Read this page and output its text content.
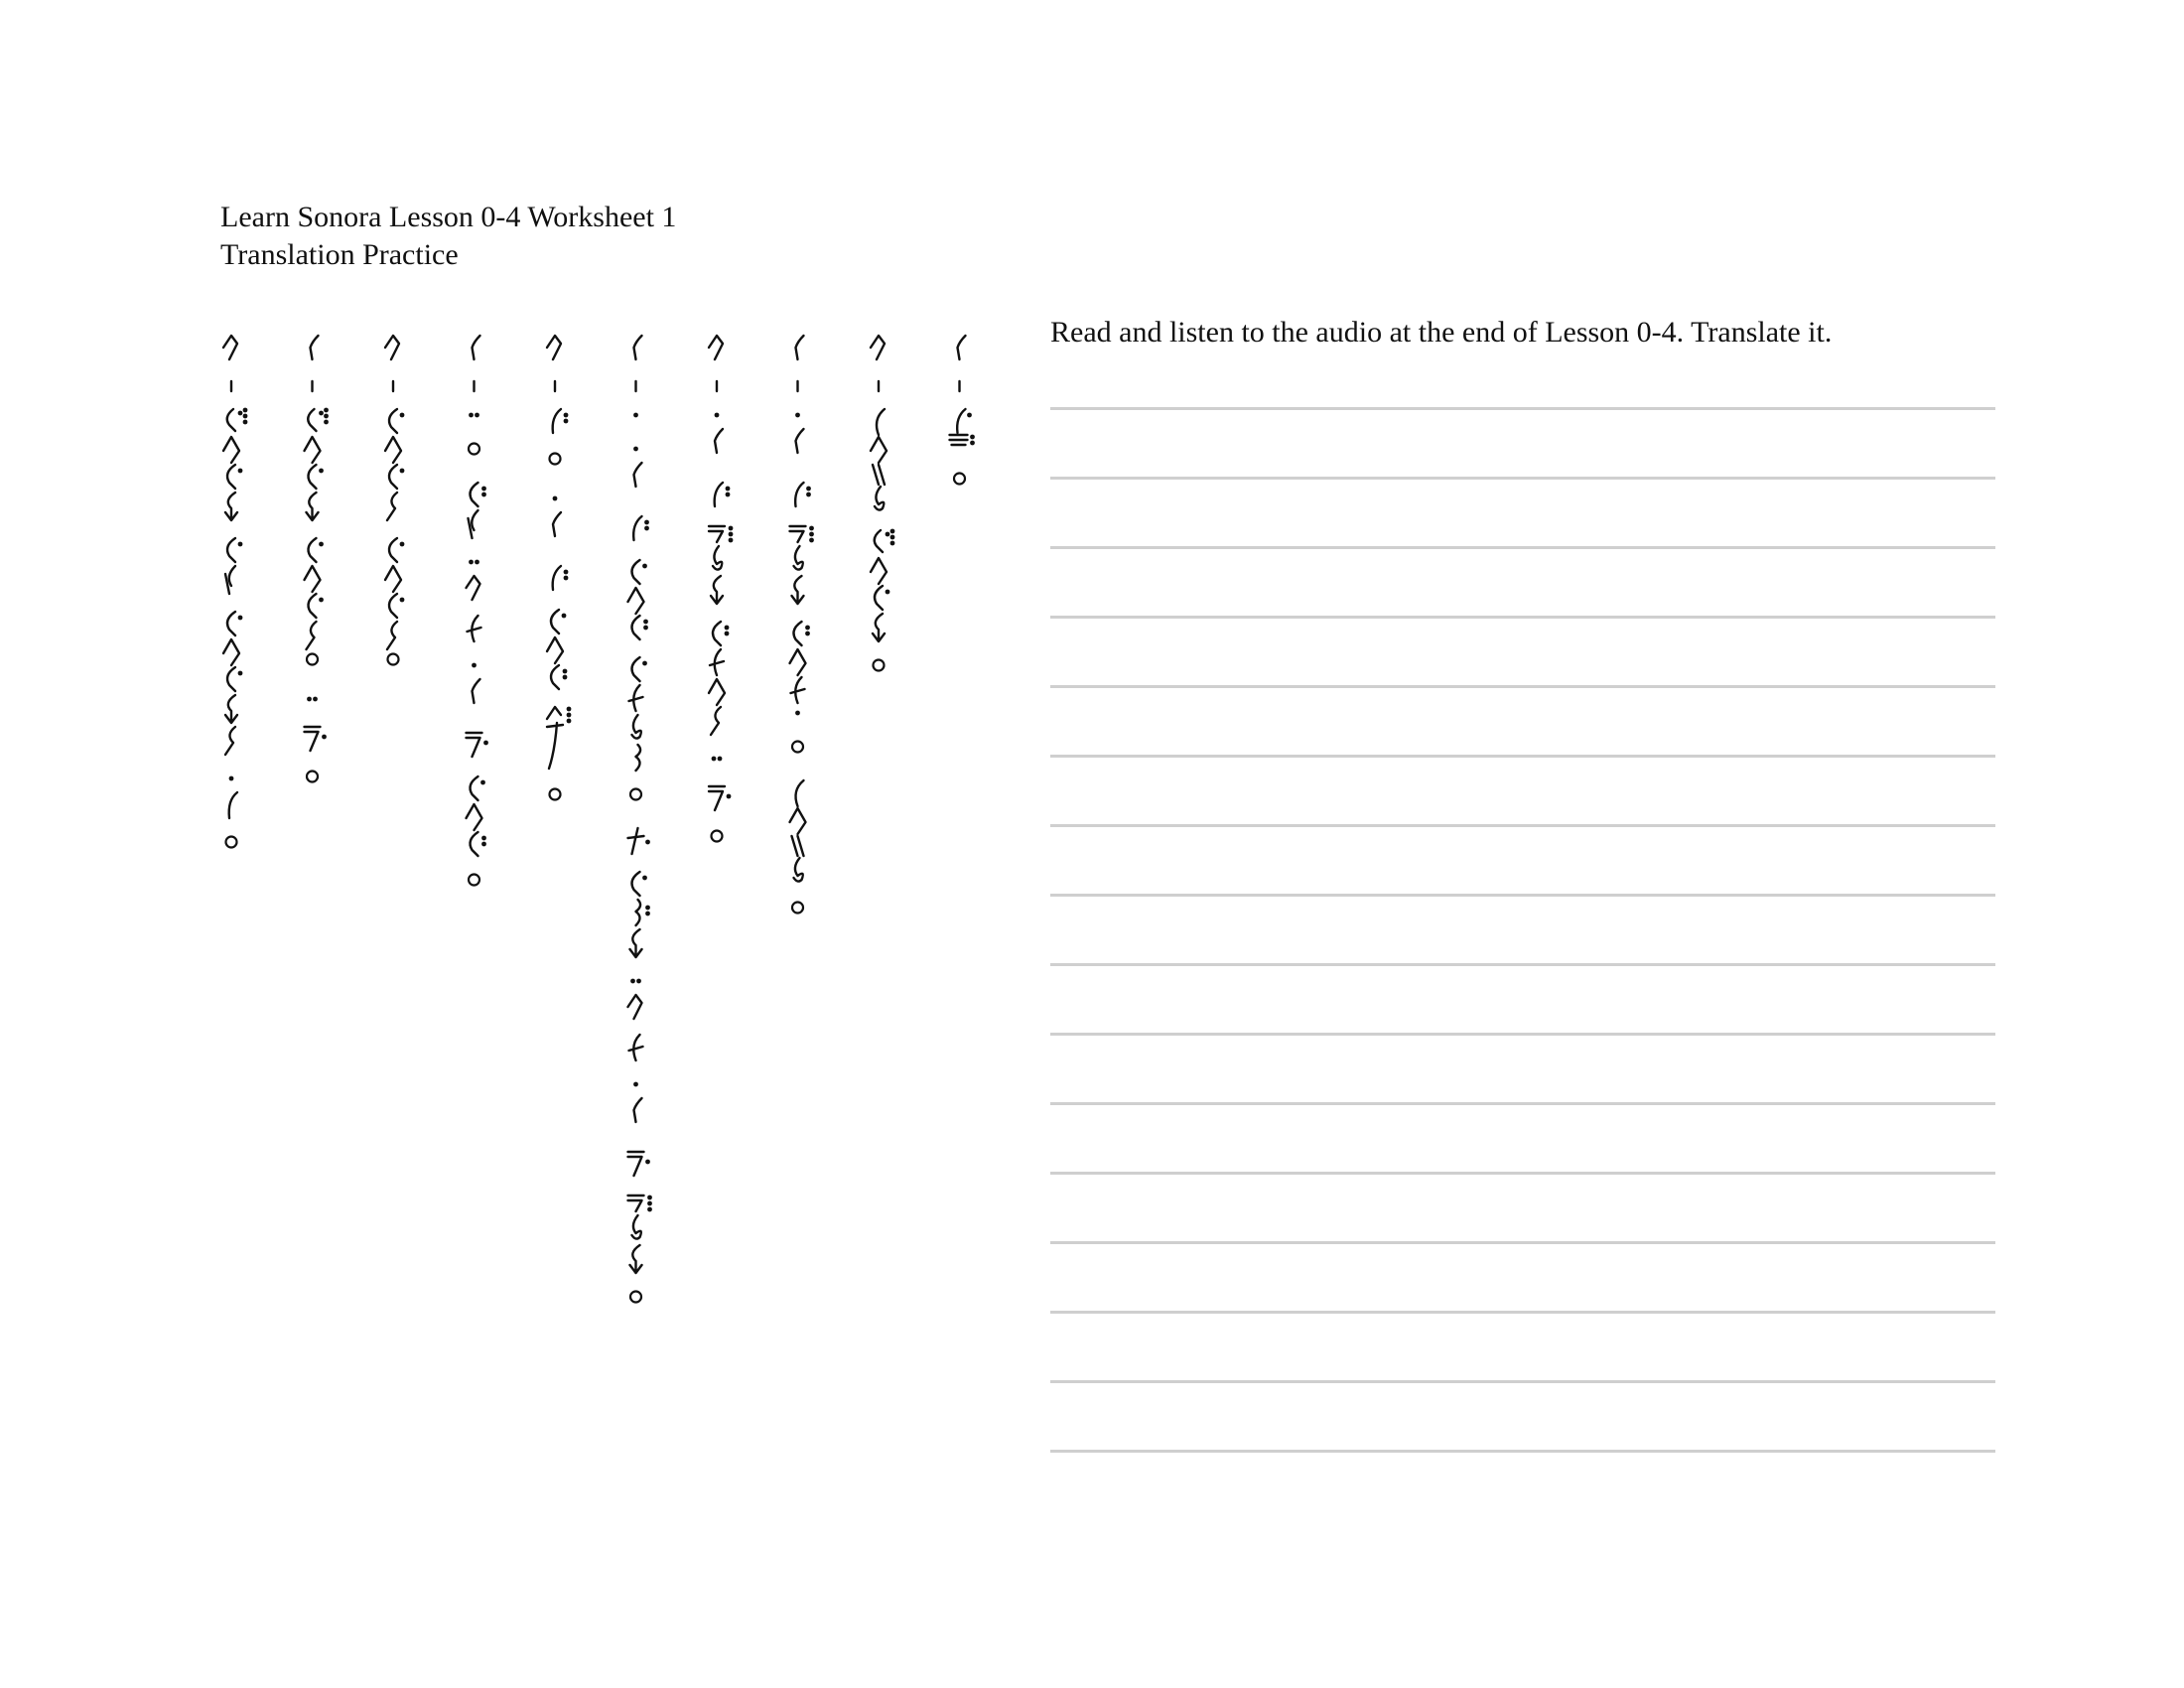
Learn Sonora Lesson 0-4 Worksheet 1
Translation Practice
Read and listen to the audio at the end of Lesson 0-4. Translate it.
